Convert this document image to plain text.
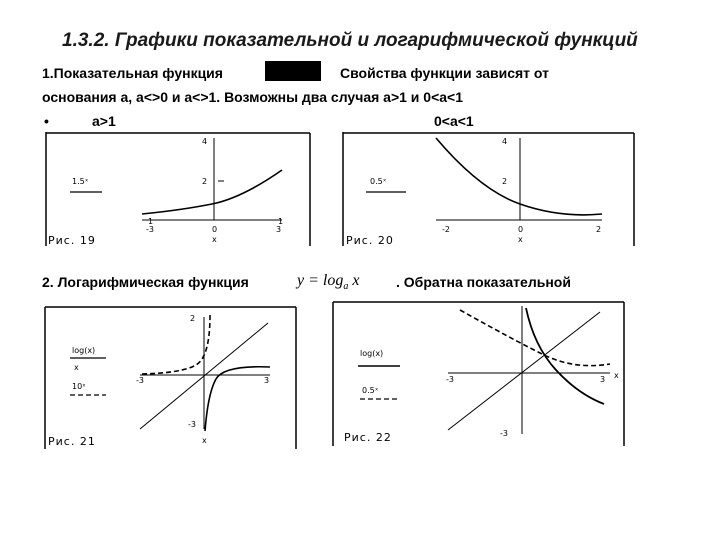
1.3.2. Графики показательной и логарифмической функций
1.Показательная функция	Свойства функции зависят от
основания а, а<>0 и а<>1. Возможны два случая а>1 и 0<a<1
•	a>1	0<a<1
4
2
1.5ˣ
1	1
-3	0	3
x
Рис. 19
4
2
0.5ˣ
-2	0	2
x
Рис. 20
2. Логарифмическая функция	$y = \log_a x$	. Обратна показательной
2
-3
-3	3
log(x)
x
10ˣ
x
Рис. 21
-3
-3	3 x
log(x)
0.5ˣ
Рис. 22
